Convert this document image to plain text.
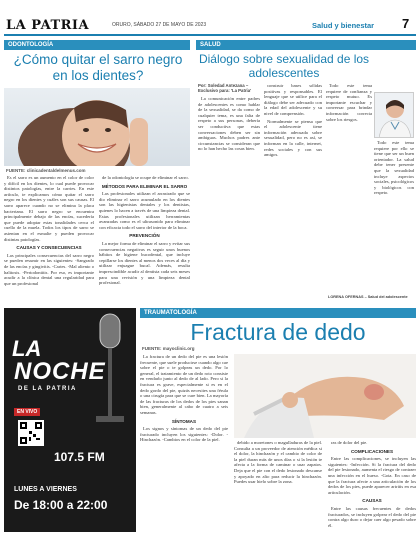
LA PATRIA	ORURO, SÁBADO 27 DE MAYO DE 2023	Salud y bienestar 7
ODONTOLOGÍA
¿Cómo quitar el sarro negro en los dientes?
FUENTE: clinicadentaldelmenus.com

Es el sarro es un aumento en el color de color y difícil en los dientes, lo cual puede provocar distintos patologías, entre la carries. En este artículo, te explicamos cómo quitar el sarro negro en los dientes y cuáles son sus causas. El sarro aparece cuando no se elimina la placa bacteriana. El sarro negro se encuentra principalmente debajo de las encías, sucedería que puede adoptar estas tonalidades cerca el cuello de la muela. Todos los tipos de sarro se asientan en el esmalte y pueden provocar distintas patologías.

CAUSAS Y CONSECUENCIAS

Las principales consecuencias del sarro negro se pueden resumir en las siguientes: -Sangrado de las encías y gingivitis. -Caries. -Mal aliento o halitosis. -Periodontitis. Por eso, es importante acudir a la clínica dental una regularidad para que un profesional

de la odontología se ocupe de eliminar el sarro.

MÉTODOS PARA ELIMINAR EL SARRO

Las profesionales utilizan el arrastrado que se dio eliminar el sarro acumulado en los dientes son las higienistas dentales y los dentistas, quienes lo hacen a través de una limpieza dental. Estas profesionales utilizan herramientas avanzadas como es el ultrasonido para eliminar con eficacia todo el sarro del interior de la boca.

PREVENCIÓN

La mejor forma de eliminar el sarro y evitar sus consecuencias negativas es seguir unos buenos hábitos de higiene bucodental, que incluye cepillarse los dientes al menos dos veces al día y utilizar enjuague bucal. Además, resulta imprescindible acudir al dentista cada seis meses para una revisión y una limpieza dental profesional.

SALUD
Diálogo sobre sexualidad de los adolescentes
Por: Soledad Antezana – Exclusivo para: 'La Patria'

La comunicación entre padres de adolescentes es como hablar de la sexualidad, se da como de cualquier tema, es una falta de respeto a sus personas, debería ser conductiva que estas conversaciones deben ser sin ambiguas. Muchos padres ante circunstancias se consideran que no lo han hecho las cosas bien.

construir bases sólidas positivas y responsables. El lenguaje que se utilice para el diálogo debe ser adecuado con la edad del adolescente y su nivel de comprensión.

Normalmente se piensa que el adolescente tiene información adecuada sobre sexualidad, pero no es así, se informan en la calle, internet, redes sociales y con sus amigos.

Todo este tema requiere de confianza y respeto mutuo. Es importante escuchar y conversar para brindar información correcta sobre los riesgos.

Todo este tema requiere por ello se tiene que ser un buen orientador. La salud debe tener presente que la sexualidad incluye aspectos sociales, psicológicos y biológicos con respeto.

LORENA OFERNAS – Salud del adolescente
TRAUMATOLOGÍA
Fractura de dedo
FUENTE: mayoclinic.org

La fractura de un dedo del pie es una lesión frecuente, que suele producirse cuando algo cae sobre el pie o te golpeas un dedo. Por lo general, el tratamiento de un dedo roto consiste en vendarlo junto al dedo de al lado. Pero si la fractura es grave, especialmente si es en el dedo gordo del pie, quizás necesites una férula o una cirugía para que se cure bien. La mayoría de las fracturas de los dedos de los pies sanan bien, generalmente al cabo de cuatro a seis semanas.

SÍNTOMAS

Los signos y síntomas de un dedo del pie fracturado incluyen los siguientes: -Dolor. -Hinchazón. -Cambios en el color de la piel.

debido a moretones o magulladuras de la piel. Consulta a un proveedor de atención médica si el dolor, la hinchazón y el cambio de color de la piel duran más de unos días o si la lesión te afecta a la forma de caminar o usar zapatos. Deja que el pie con el dedo lesionado descanse y apoyado en alto para reducir la hinchazón. Puedes usar hielo sobre la zona.

ras de dolor del pie.

COMPLICACIONES

Entre las complicaciones, se incluyen las siguientes: -Infección. Si la fractura del dedo del pie lesionado, aumenta el riesgo de contraer una infección en el hueso. -Gota. En caso de que la fractura afecte a una articulación de los dedos de los pies, puede aparecer artritis en esa articulación.

CAUSAS

Entre las causas frecuentes de dedos fracturados, se incluyen golpear el dedo del pie contra algo duro o dejar caer algo pesado sobre él.

LA
NOCHE
DE LA PATRIA
EN VIVO
107.5 FM
LUNES A VIERNES
De 18:00 a 22:00
